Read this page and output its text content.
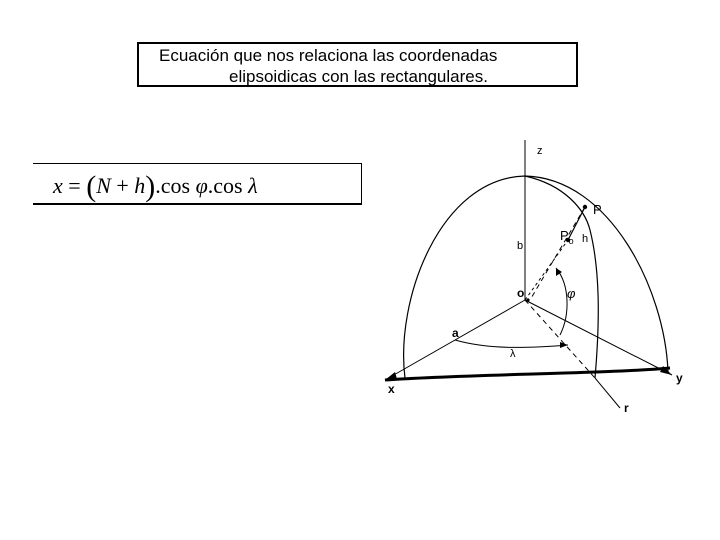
Ecuación que nos relaciona las coordenadas
elipsoidicas con las rectangulares.
x = (N + h).cos φ.cos λ
z
P
$P_o$ h
b
o	φ
a
λ
x
y
r
